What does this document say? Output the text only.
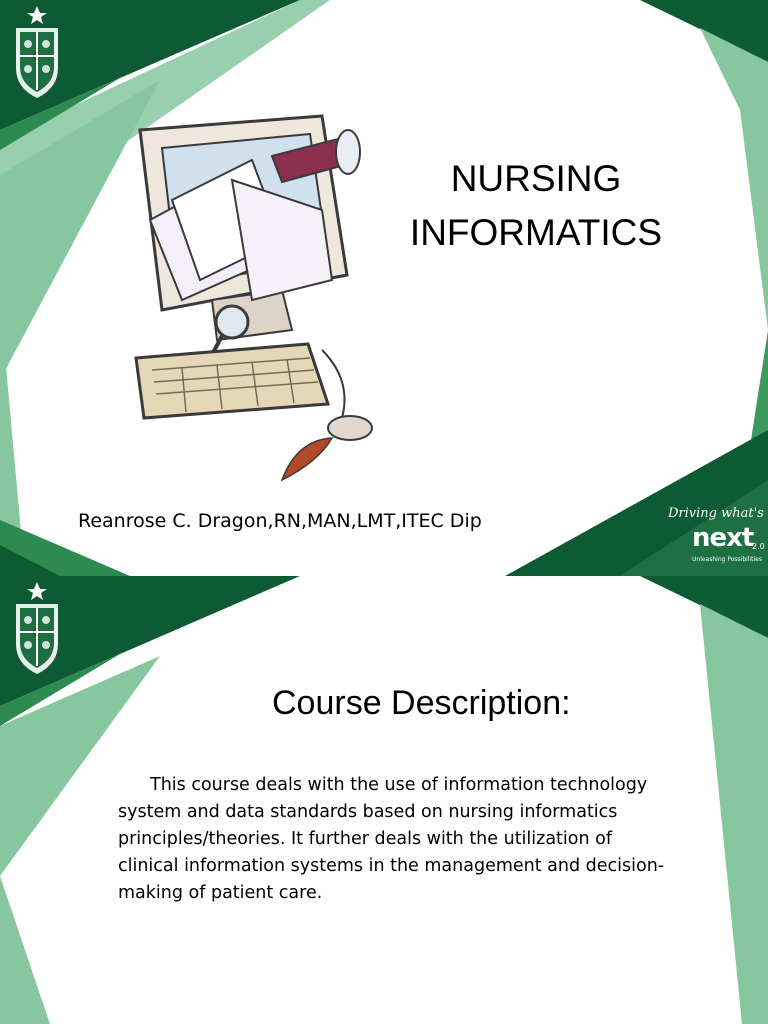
NURSING INFORMATICS
Reanrose C. Dragon,RN,MAN,LMT,ITEC Dip	Driving what's
next
2.0
Unleashing Possibilities
Course Description:

This course deals with the use of information technology system and data standards based on nursing informatics principles/theories. It further deals with the utilization of clinical information systems in the management and decision-making of patient care.
